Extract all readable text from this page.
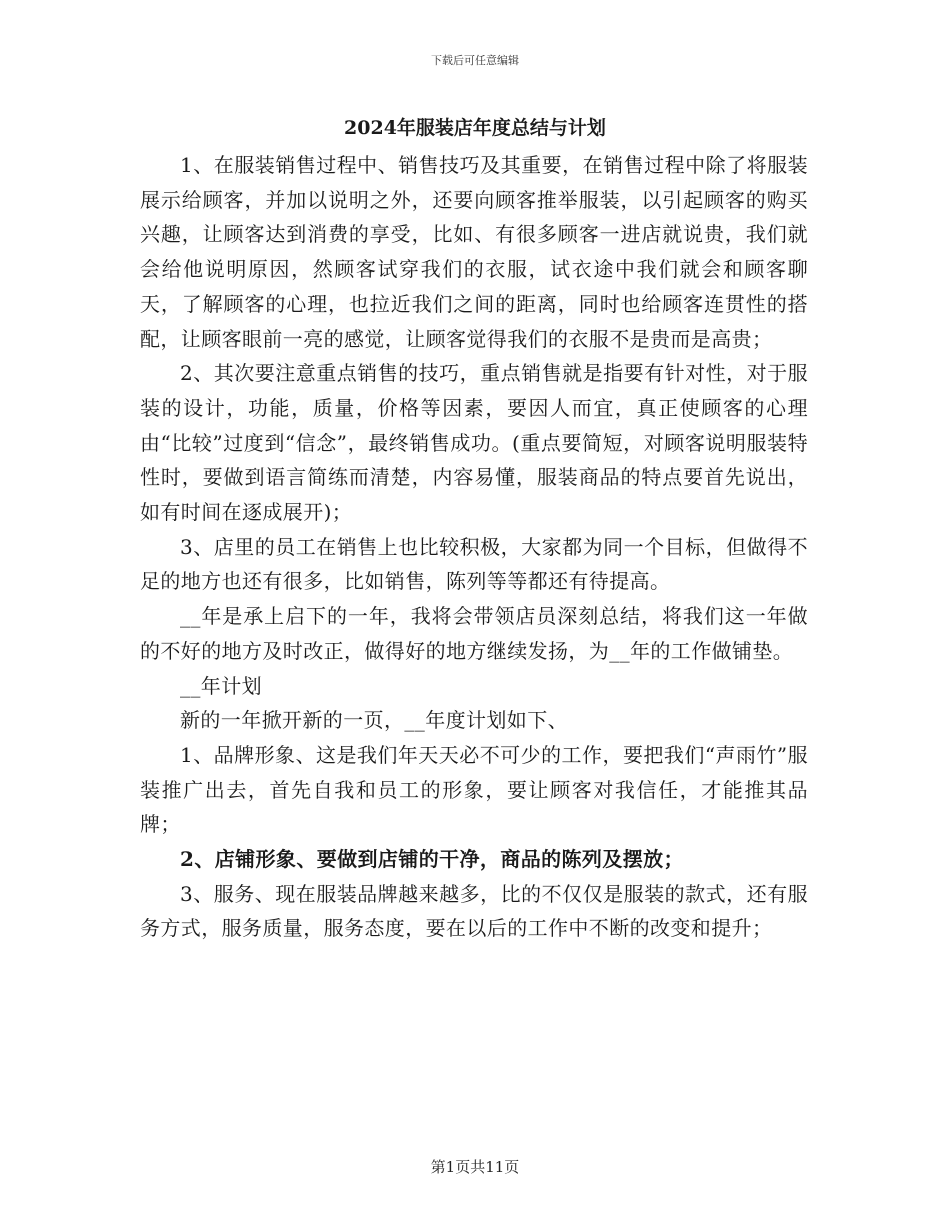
下载后可任意编辑
2024年服装店年度总结与计划

1、在服装销售过程中、销售技巧及其重要，在销售过程中除了将服装展示给顾客，并加以说明之外，还要向顾客推举服装，以引起顾客的购买兴趣，让顾客达到消费的享受，比如、有很多顾客一进店就说贵，我们就会给他说明原因，然顾客试穿我们的衣服，试衣途中我们就会和顾客聊天，了解顾客的心理，也拉近我们之间的距离，同时也给顾客连贯性的搭配，让顾客眼前一亮的感觉，让顾客觉得我们的衣服不是贵而是高贵；

2、其次要注意重点销售的技巧，重点销售就是指要有针对性，对于服装的设计，功能，质量，价格等因素，要因人而宜，真正使顾客的心理由“比较”过度到“信念”，最终销售成功。(重点要简短，对顾客说明服装特性时，要做到语言简练而清楚，内容易懂，服装商品的特点要首先说出，如有时间在逐成展开)；

3、店里的员工在销售上也比较积极，大家都为同一个目标，但做得不足的地方也还有很多，比如销售，陈列等等都还有待提高。

__年是承上启下的一年，我将会带领店员深刻总结，将我们这一年做的不好的地方及时改正，做得好的地方继续发扬，为__年的工作做铺垫。

__年计划

新的一年掀开新的一页，__年度计划如下、

1、品牌形象、这是我们年天天必不可少的工作，要把我们“声雨竹”服装推广出去，首先自我和员工的形象，要让顾客对我信任，才能推其品牌；

2、店铺形象、要做到店铺的干净，商品的陈列及摆放；

3、服务、现在服装品牌越来越多，比的不仅仅是服装的款式，还有服务方式，服务质量，服务态度，要在以后的工作中不断的改变和提升；

第1页共11页
